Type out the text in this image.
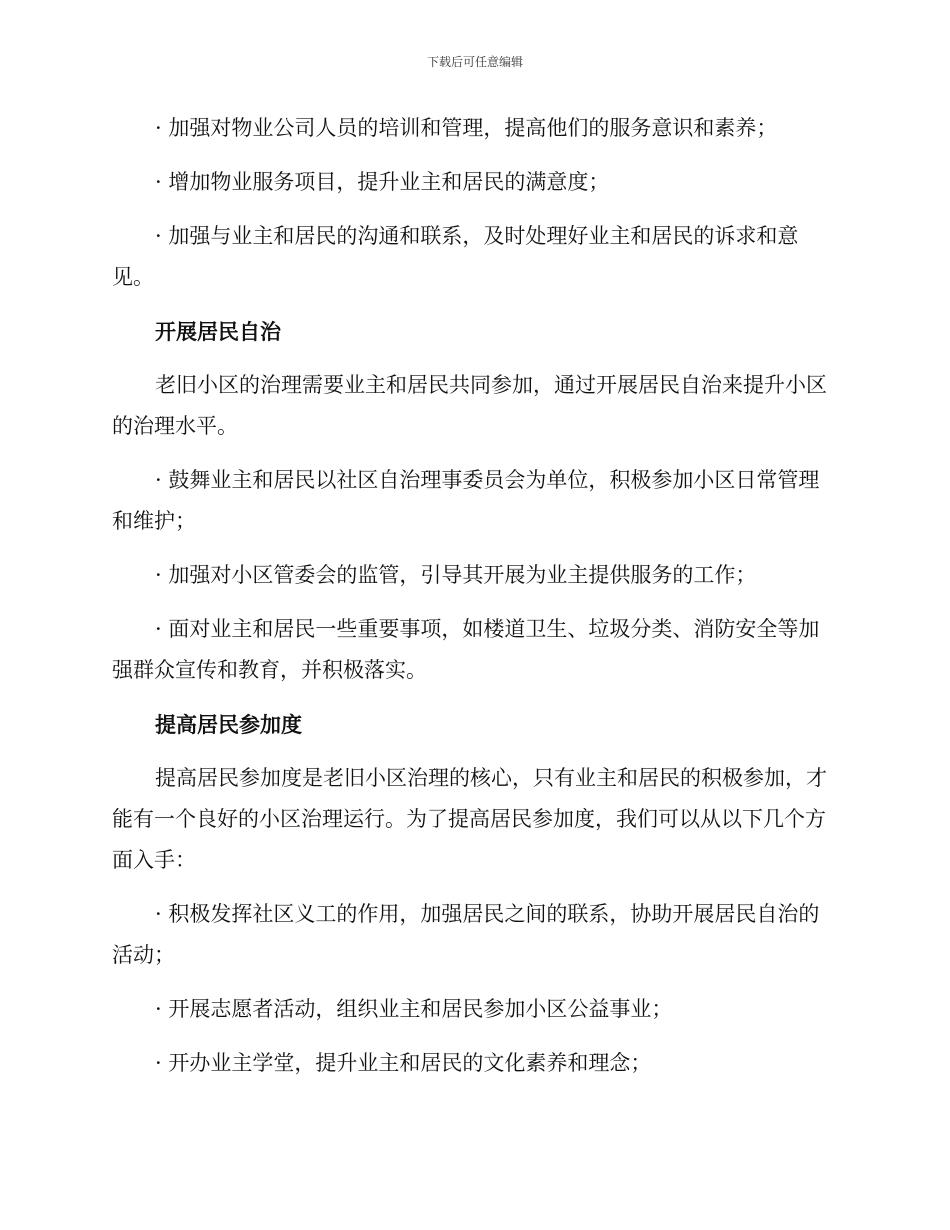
下载后可任意编辑

· 加强对物业公司人员的培训和管理，提高他们的服务意识和素养；

· 增加物业服务项目，提升业主和居民的满意度；

· 加强与业主和居民的沟通和联系，及时处理好业主和居民的诉求和意见。

开展居民自治

老旧小区的治理需要业主和居民共同参加，通过开展居民自治来提升小区的治理水平。

· 鼓舞业主和居民以社区自治理事委员会为单位，积极参加小区日常管理和维护；

· 加强对小区管委会的监管，引导其开展为业主提供服务的工作；

· 面对业主和居民一些重要事项，如楼道卫生、垃圾分类、消防安全等加强群众宣传和教育，并积极落实。

提高居民参加度

提高居民参加度是老旧小区治理的核心，只有业主和居民的积极参加，才能有一个良好的小区治理运行。为了提高居民参加度，我们可以从以下几个方面入手：

· 积极发挥社区义工的作用，加强居民之间的联系，协助开展居民自治的活动；

· 开展志愿者活动，组织业主和居民参加小区公益事业；

· 开办业主学堂，提升业主和居民的文化素养和理念；
